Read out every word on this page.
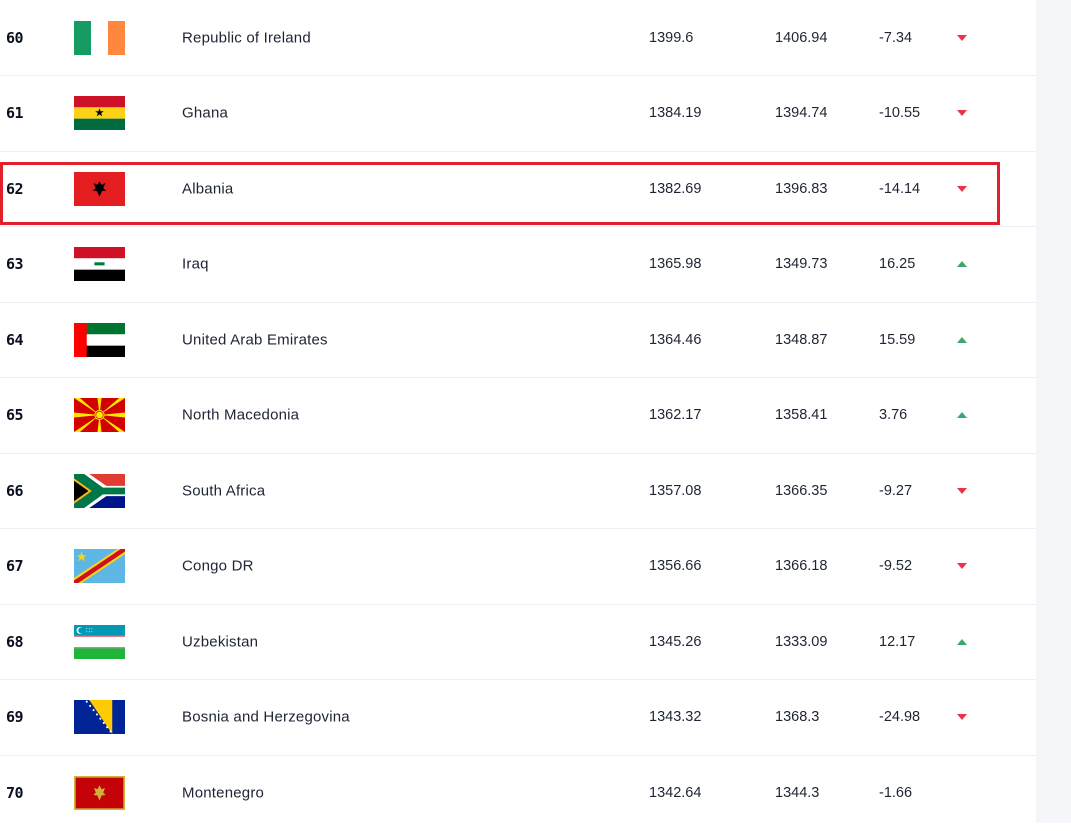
60	Republic of Ireland	1399.6	1406.94	-7.34
61	Ghana	1384.19	1394.74	-10.55
62	Albania	1382.69	1396.83	-14.14
63	Iraq	1365.98	1349.73	16.25
64	United Arab Emirates	1364.46	1348.87	15.59
65	North Macedonia	1362.17	1358.41	3.76
66	South Africa	1357.08	1366.35	-9.27
67	Congo DR	1356.66	1366.18	-9.52
68	Uzbekistan	1345.26	1333.09	12.17
69	Bosnia and Herzegovina	1343.32	1368.3	-24.98
70	Montenegro	1342.64	1344.3	-1.66
